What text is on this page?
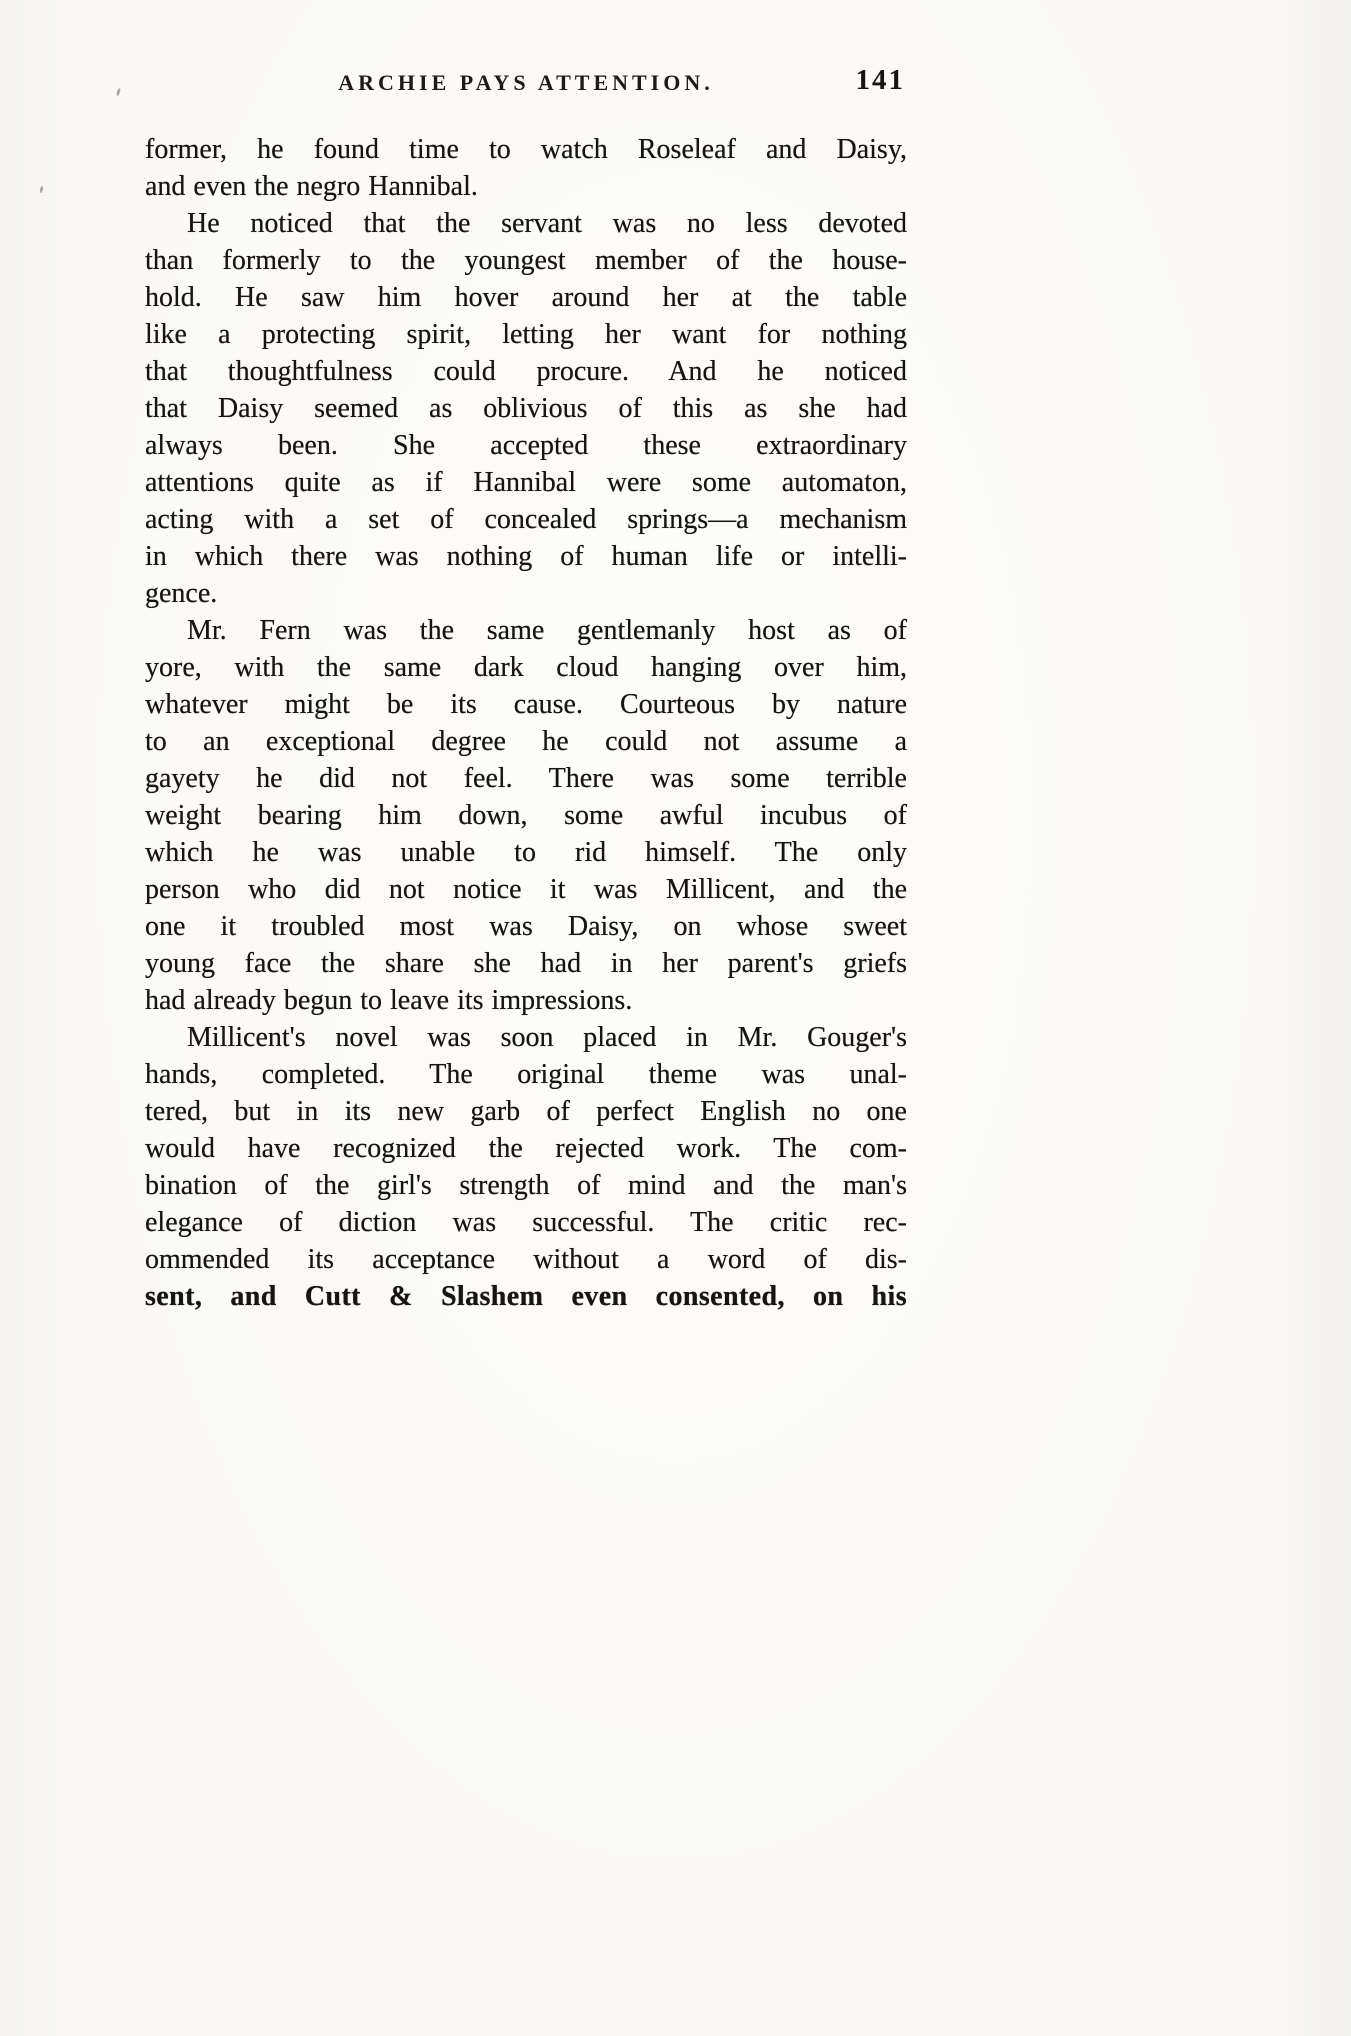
ARCHIE PAYS ATTENTION.	141
former, he found time to watch Roseleaf and Daisy,
and even the negro Hannibal.
He noticed that the servant was no less devoted
than formerly to the youngest member of the house-
hold. He saw him hover around her at the table
like a protecting spirit, letting her want for nothing
that thoughtfulness could procure. And he noticed
that Daisy seemed as oblivious of this as she had
always been. She accepted these extraordinary
attentions quite as if Hannibal were some automaton,
acting with a set of concealed springs—a mechanism
in which there was nothing of human life or intelli-
gence.
Mr. Fern was the same gentlemanly host as of
yore, with the same dark cloud hanging over him,
whatever might be its cause. Courteous by nature
to an exceptional degree he could not assume a
gayety he did not feel. There was some terrible
weight bearing him down, some awful incubus of
which he was unable to rid himself. The only
person who did not notice it was Millicent, and the
one it troubled most was Daisy, on whose sweet
young face the share she had in her parent's griefs
had already begun to leave its impressions.
Millicent's novel was soon placed in Mr. Gouger's
hands, completed. The original theme was unal-
tered, but in its new garb of perfect English no one
would have recognized the rejected work. The com-
bination of the girl's strength of mind and the man's
elegance of diction was successful. The critic rec-
ommended its acceptance without a word of dis-
sent, and Cutt & Slashem even consented, on his
